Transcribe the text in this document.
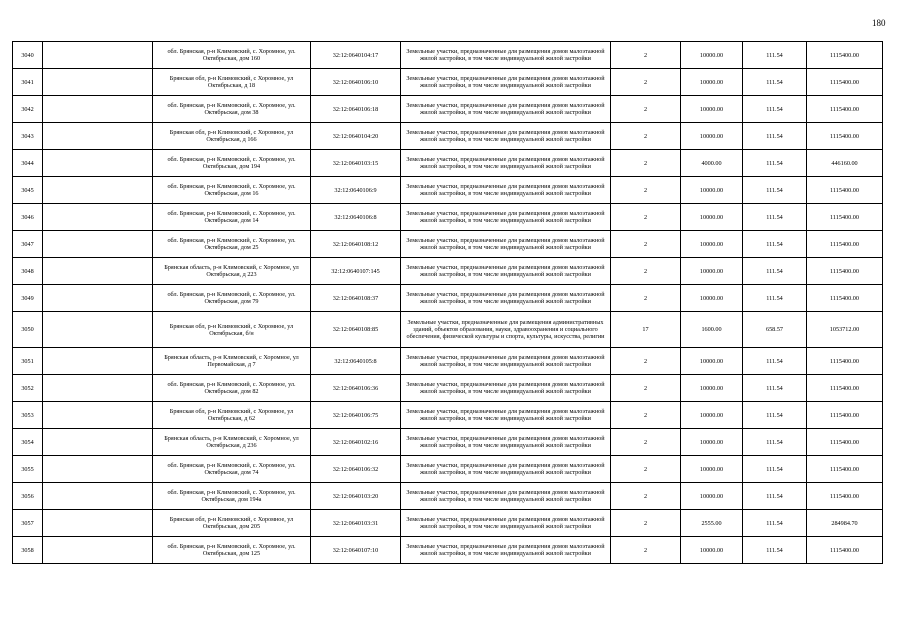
180
3040		обл. Брянская, р-н Климовский, с. Хоромное, ул. Октябрьская, дом 160	32:12:0640104:17	Земельные участки, предназначенные для размещения домов малоэтажной жилой застройки, в том числе индивидуальной жилой застройки	2	10000.00	111.54	1115400.00
3041		Брянская обл, р-н Климовский, с Хоромное, ул Октябрьская, д 18	32:12:0640106:10	Земельные участки, предназначенные для размещения домов малоэтажной жилой застройки, в том числе индивидуальной жилой застройки	2	10000.00	111.54	1115400.00
3042		обл. Брянская, р-н Климовский, с. Хоромное, ул. Октябрьская, дом 38	32:12:0640106:18	Земельные участки, предназначенные для размещения домов малоэтажной жилой застройки, в том числе индивидуальной жилой застройки	2	10000.00	111.54	1115400.00
3043		Брянская обл, р-н Климовский, с Хоромное, ул Октябрьская, д 166	32:12:0640104:20	Земельные участки, предназначенные для размещения домов малоэтажной жилой застройки, в том числе индивидуальной жилой застройки	2	10000.00	111.54	1115400.00
3044		обл. Брянская, р-н Климовский, с. Хоромное, ул. Октябрьская, дом 194	32:12:0640103:15	Земельные участки, предназначенные для размещения домов малоэтажной жилой застройки, в том числе индивидуальной жилой застройки	2	4000.00	111.54	446160.00
3045		обл. Брянская, р-н Климовский, с. Хоромное, ул. Октябрьская, дом 16	32:12:0640106:9	Земельные участки, предназначенные для размещения домов малоэтажной жилой застройки, в том числе индивидуальной жилой застройки	2	10000.00	111.54	1115400.00
3046		обл. Брянская, р-н Климовский, с. Хоромное, ул. Октябрьская, дом 14	32:12:0640106:8	Земельные участки, предназначенные для размещения домов малоэтажной жилой застройки, в том числе индивидуальной жилой застройки	2	10000.00	111.54	1115400.00
3047		обл. Брянская, р-н Климовский, с. Хоромное, ул. Октябрьская, дом 25	32:12:0640108:12	Земельные участки, предназначенные для размещения домов малоэтажной жилой застройки, в том числе индивидуальной жилой застройки	2	10000.00	111.54	1115400.00
3048		Брянская область, р-н Климовский, с Хоромное, ул Октябрьская, д 223	32:12:0640107:145	Земельные участки, предназначенные для размещения домов малоэтажной жилой застройки, в том числе индивидуальной жилой застройки	2	10000.00	111.54	1115400.00
3049		обл. Брянская, р-н Климовский, с. Хоромное, ул. Октябрьская, дом 79	32:12:0640108:37	Земельные участки, предназначенные для размещения домов малоэтажной жилой застройки, в том числе индивидуальной жилой застройки	2	10000.00	111.54	1115400.00
3050		Брянская обл, р-н Климовский, с Хоромное, ул Октябрьская, б/н	32:12:0640108:85	Земельные участки, предназначенные для размещения административных зданий, объектов образования, науки, здравоохранения и социального обеспечения, физической культуры и спорта, культуры, искусства, религии	17	1600.00	658.57	1053712.00
3051		Брянская область, р-н Климовский, с Хоромное, ул Первомайская, д 7	32:12:0640105:8	Земельные участки, предназначенные для размещения домов малоэтажной жилой застройки, в том числе индивидуальной жилой застройки	2	10000.00	111.54	1115400.00
3052		обл. Брянская, р-н Климовский, с. Хоромное, ул. Октябрьская, дом 82	32:12:0640106:36	Земельные участки, предназначенные для размещения домов малоэтажной жилой застройки, в том числе индивидуальной жилой застройки	2	10000.00	111.54	1115400.00
3053		Брянская обл, р-н Климовский, с Хоромное, ул Октябрьская, д 62	32:12:0640106:75	Земельные участки, предназначенные для размещения домов малоэтажной жилой застройки, в том числе индивидуальной жилой застройки	2	10000.00	111.54	1115400.00
3054		Брянская область, р-н Климовский, с Хоромное, ул Октябрьская, д 236	32:12:0640102:16	Земельные участки, предназначенные для размещения домов малоэтажной жилой застройки, в том числе индивидуальной жилой застройки	2	10000.00	111.54	1115400.00
3055		обл. Брянская, р-н Климовский, с. Хоромное, ул. Октябрьская, дом 74	32:12:0640106:32	Земельные участки, предназначенные для размещения домов малоэтажной жилой застройки, в том числе индивидуальной жилой застройки	2	10000.00	111.54	1115400.00
3056		обл. Брянская, р-н Климовский, с. Хоромное, ул. Октябрьская, дом 194а	32:12:0640103:20	Земельные участки, предназначенные для размещения домов малоэтажной жилой застройки, в том числе индивидуальной жилой застройки	2	10000.00	111.54	1115400.00
3057		Брянская обл, р-н Климовский, с Хоромное, ул Октябрьская, дом 205	32:12:0640103:31	Земельные участки, предназначенные для размещения домов малоэтажной жилой застройки, в том числе индивидуальной жилой застройки	2	2555.00	111.54	284984.70
3058		обл. Брянская, р-н Климовский, с. Хоромное, ул. Октябрьская, дом 125	32:12:0640107:10	Земельные участки, предназначенные для размещения домов малоэтажной жилой застройки, в том числе индивидуальной жилой застройки	2	10000.00	111.54	1115400.00
